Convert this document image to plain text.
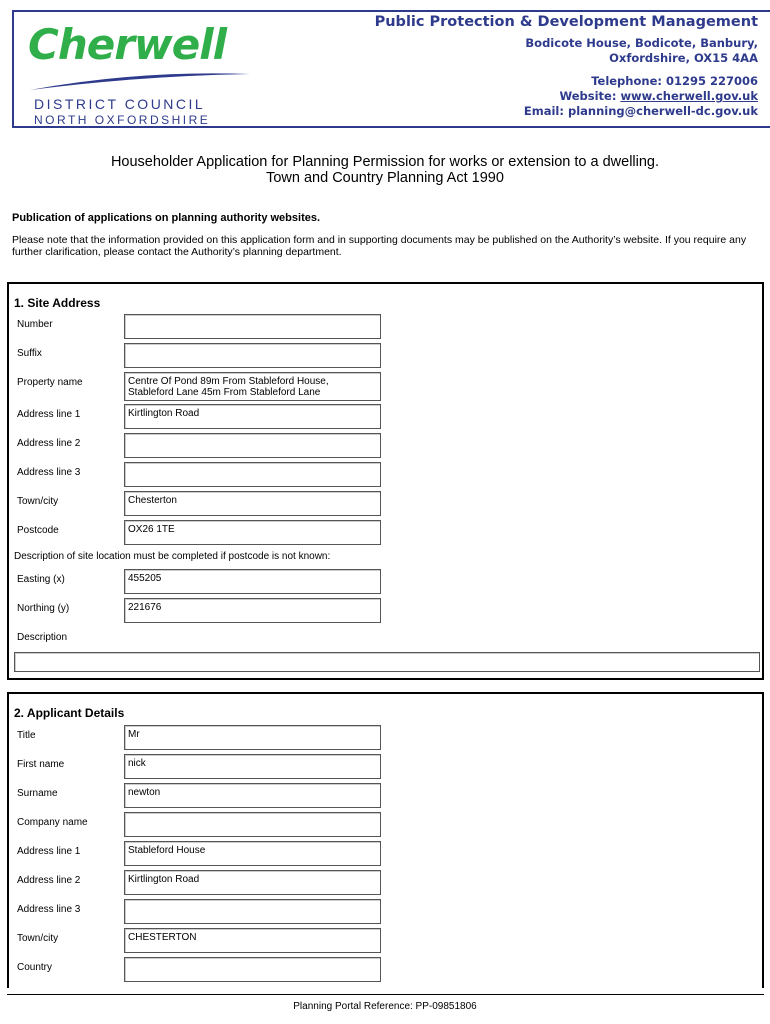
Cherwell
DISTRICT COUNCIL
NORTH OXFORDSHIRE
Public Protection & Development Management
Bodicote House, Bodicote, Banbury,
Oxfordshire, OX15 4AA
Telephone: 01295 227006
Website: www.cherwell.gov.uk
Email: planning@cherwell-dc.gov.uk
Householder Application for Planning Permission for works or extension to a dwelling.
Town and Country Planning Act 1990
Publication of applications on planning authority websites.
Please note that the information provided on this application form and in supporting documents may be published on the Authority’s website. If you require any further clarification, please contact the Authority’s planning department.
1. Site Address
Number
Suffix
Property name	Centre Of Pond 89m From Stableford House,
Stableford Lane 45m From Stableford Lane
Address line 1	Kirtlington Road
Address line 2
Address line 3
Town/city	Chesterton
Postcode	OX26 1TE
Description of site location must be completed if postcode is not known:
Easting (x)	455205
Northing (y)	221676
Description
2. Applicant Details
Title	Mr
First name	nick
Surname	newton
Company name
Address line 1	Stableford House
Address line 2	Kirtlington Road
Address line 3
Town/city	CHESTERTON
Country
Planning Portal Reference: PP-09851806
